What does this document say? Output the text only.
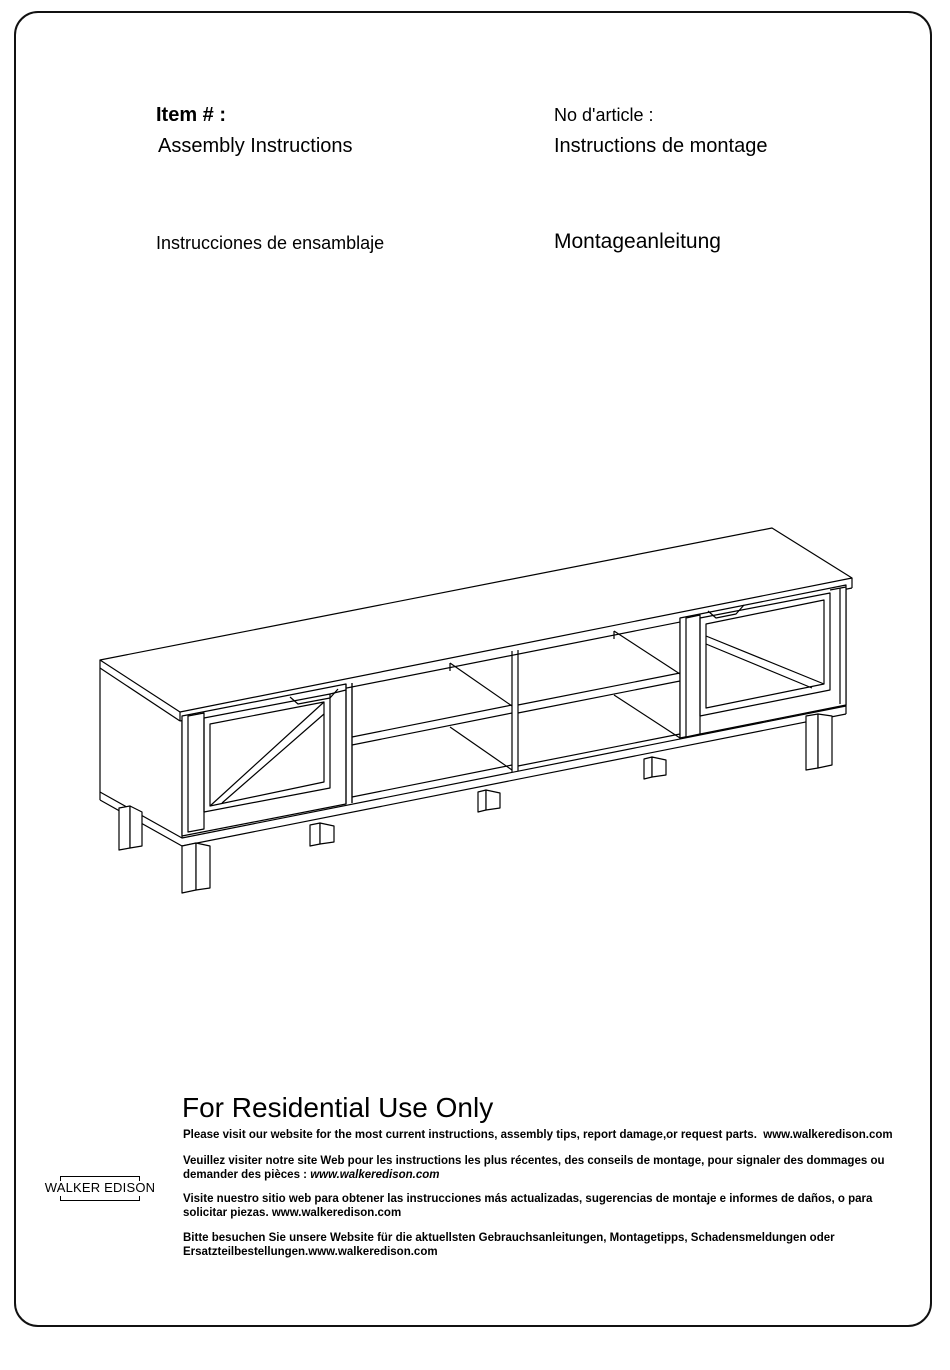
Item # :
Assembly Instructions
No d'article :
Instructions de montage
Instrucciones de ensamblaje	Montageanleitung
For Residential Use Only
Please visit our website for the most current instructions, assembly tips, report damage,or request parts. www.walkeredison.com
Veuillez visiter notre site Web pour les instructions les plus récentes, des conseils de montage, pour signaler des dommages ou demander des pièces : www.walkeredison.com
Visite nuestro sitio web para obtener las instrucciones más actualizadas, sugerencias de montaje e informes de daños, o para solicitar piezas. www.walkeredison.com
Bitte besuchen Sie unsere Website für die aktuellsten Gebrauchsanleitungen, Montagetipps, Schadensmeldungen oder Ersatzteilbestellungen.www.walkeredison.com
WALKER EDISON
